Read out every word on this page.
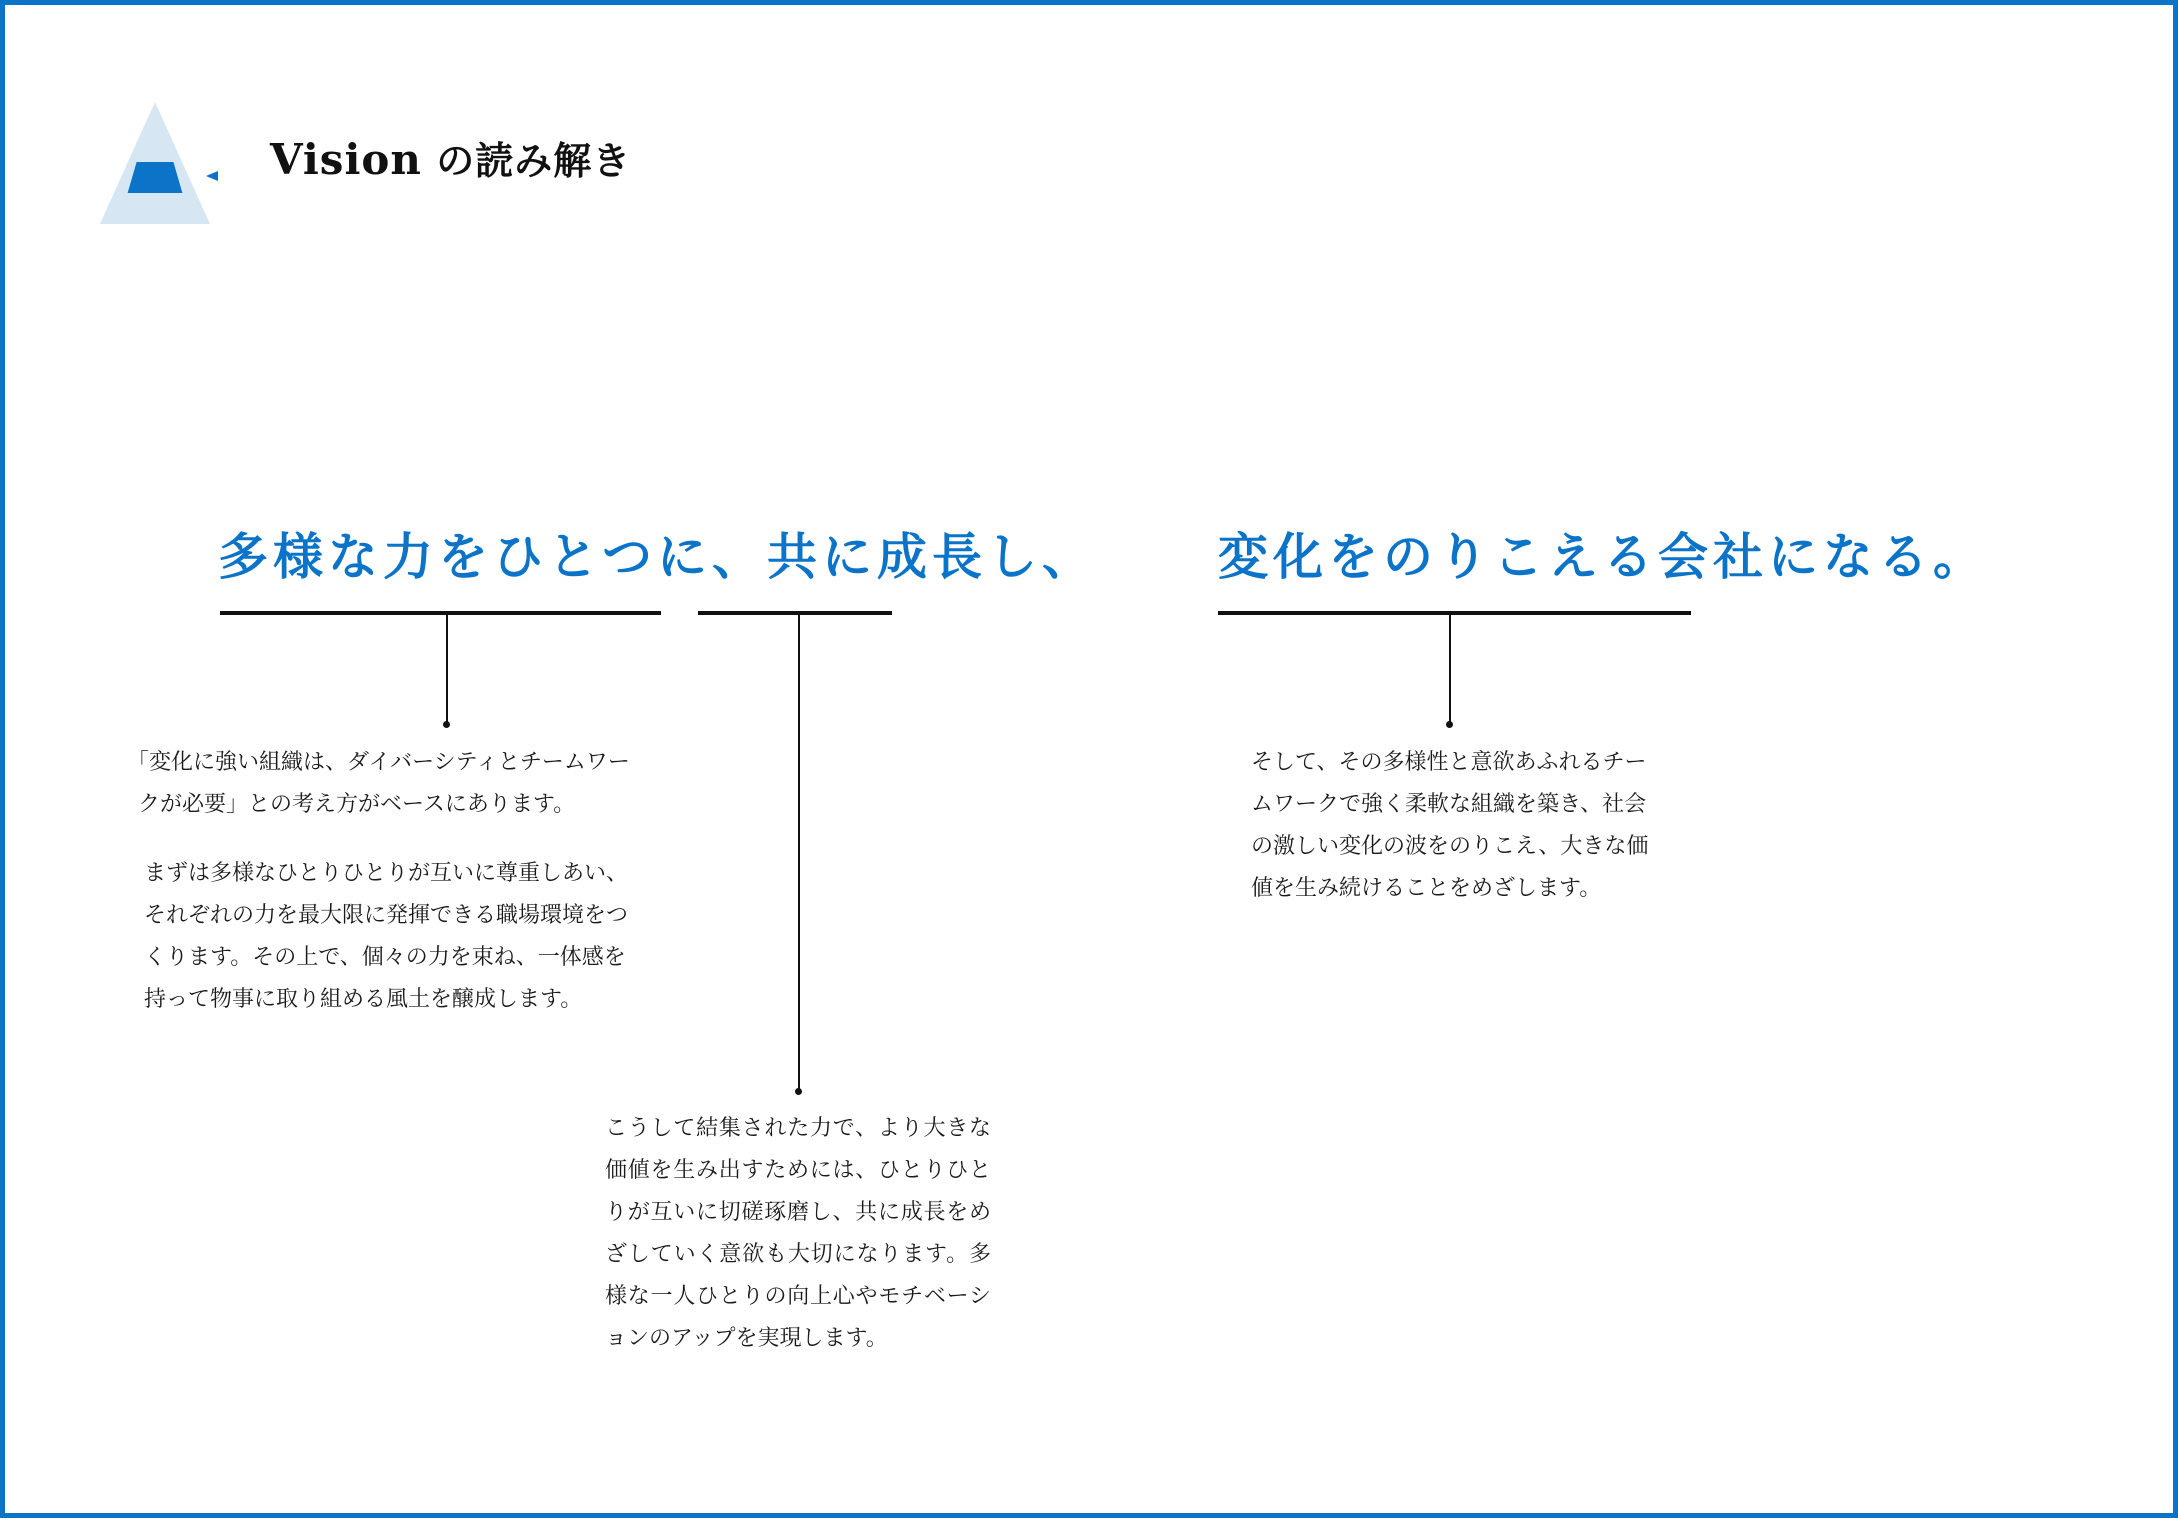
Vision の読み解き
多様な力をひとつに、共に成長し、 変化をのりこえる会社になる。

「変化に強い組織は、ダイバーシティとチームワークが必要」との考え方がベースにあります。

まずは多様なひとりひとりが互いに尊重しあい、それぞれの力を最大限に発揮できる職場環境をつくります。その上で、個々の力を束ね、一体感を持って物事に取り組める風土を醸成します。

こうして結集された力で、より大きな価値を生み出すためには、ひとりひとりが互いに切磋琢磨し、共に成長をめざしていく意欲も大切になります。多様な一人ひとりの向上心やモチベーションのアップを実現します。

そして、その多様性と意欲あふれるチームワークで強く柔軟な組織を築き、社会の激しい変化の波をのりこえ、大きな価値を生み続けることをめざします。
